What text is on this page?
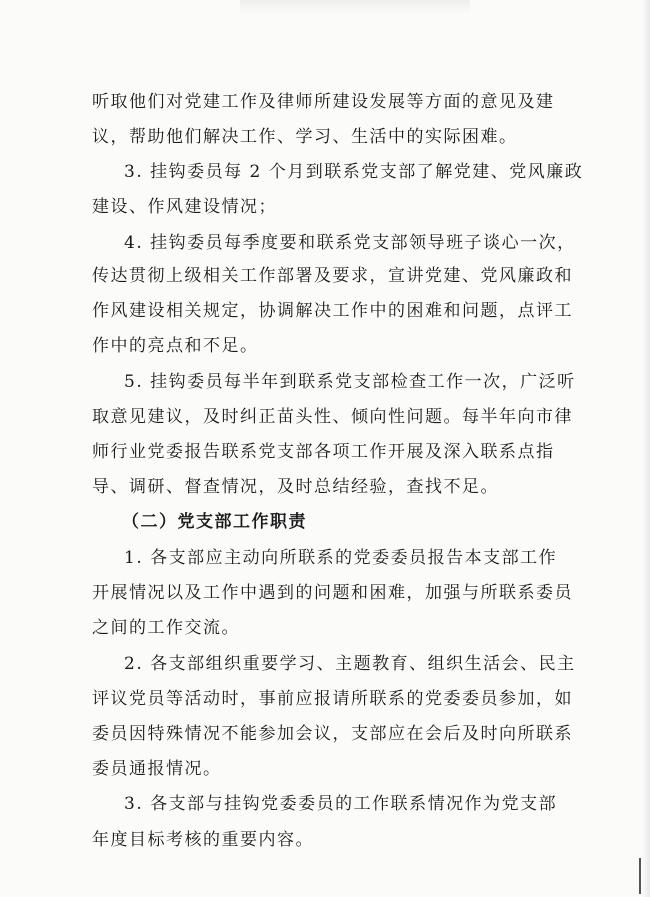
听取他们对党建工作及律师所建设发展等方面的意见及建
议，帮助他们解决工作、学习、生活中的实际困难。
3. 挂钩委员每 2 个月到联系党支部了解党建、党风廉政
建设、作风建设情况；
4. 挂钩委员每季度要和联系党支部领导班子谈心一次，
传达贯彻上级相关工作部署及要求，宣讲党建、党风廉政和
作风建设相关规定，协调解决工作中的困难和问题，点评工
作中的亮点和不足。
5. 挂钩委员每半年到联系党支部检查工作一次，广泛听
取意见建议，及时纠正苗头性、倾向性问题。每半年向市律
师行业党委报告联系党支部各项工作开展及深入联系点指
导、调研、督查情况，及时总结经验，查找不足。
（二）党支部工作职责
1. 各支部应主动向所联系的党委委员报告本支部工作
开展情况以及工作中遇到的问题和困难，加强与所联系委员
之间的工作交流。
2. 各支部组织重要学习、主题教育、组织生活会、民主
评议党员等活动时，事前应报请所联系的党委委员参加，如
委员因特殊情况不能参加会议，支部应在会后及时向所联系
委员通报情况。
3. 各支部与挂钩党委委员的工作联系情况作为党支部
年度目标考核的重要内容。
